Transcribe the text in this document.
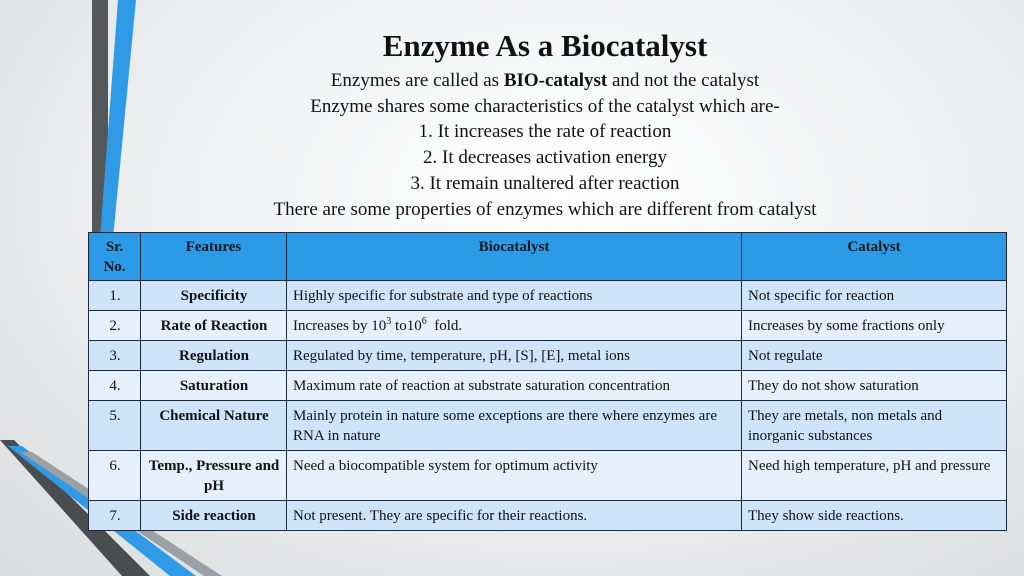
Enzyme As a Biocatalyst

Enzymes are called as BIO-catalyst and not the catalyst

Enzyme shares some characteristics of the catalyst which are-

1. It increases the rate of reaction

2. It decreases activation energy

3. It remain unaltered after reaction

There are some properties of enzymes which are different from catalyst

Sr. No.	Features	Biocatalyst	Catalyst
1.	Specificity	Highly specific for substrate and type of reactions	Not specific for reaction
2.	Rate of Reaction	Increases by $10^3$ $to10^6$  fold.	Increases by some fractions only
3.	Regulation	Regulated by time, temperature, pH, [S], [E], metal ions	Not regulate
4.	Saturation	Maximum rate of reaction at substrate saturation concentration	They do not show saturation
5.	Chemical Nature	Mainly protein in nature some exceptions are there where enzymes are RNA in nature	They are metals, non metals and inorganic substances
6.	Temp., Pressure and pH	Need a biocompatible system for optimum activity	Need high temperature, pH and pressure
7.	Side reaction	Not present. They are specific for their reactions.	They show side reactions.
